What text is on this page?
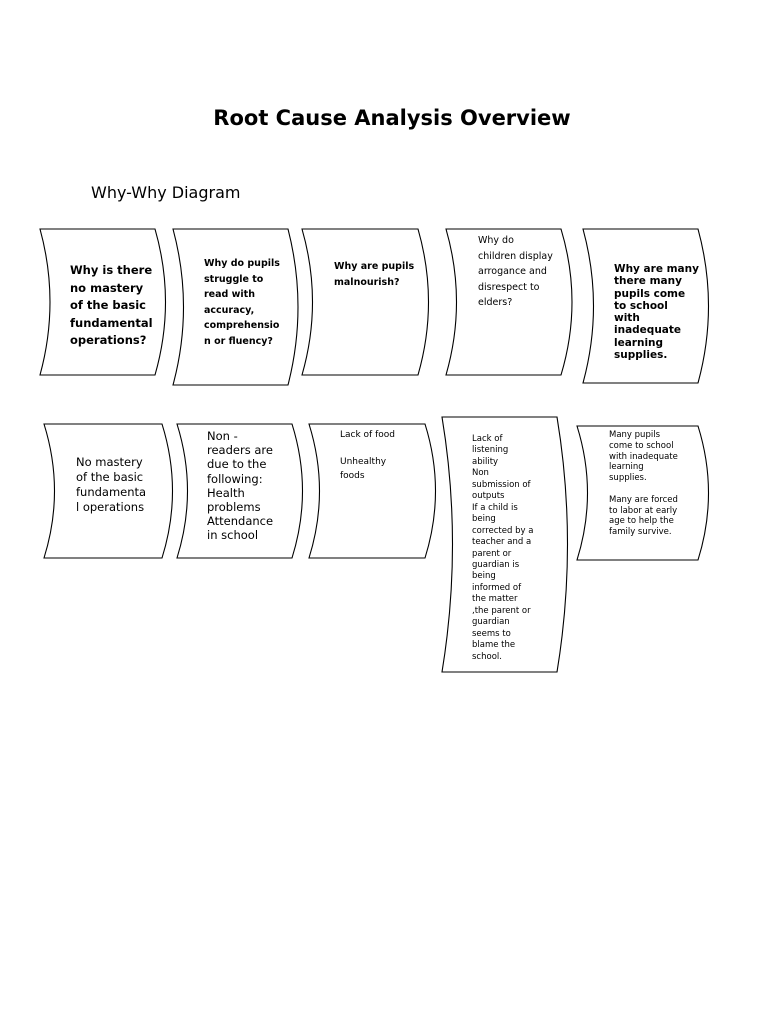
Root Cause Analysis Overview
Why-Why Diagram
Why is there
no mastery
of the basic
fundamental
operations?
Why do pupils
struggle to
read with
accuracy,
comprehensio
n or fluency?
Why are pupils
malnourish?
Why do
children display
arrogance and
disrespect to
elders?
Why are many
there many
pupils come
to school
with
inadequate
learning
supplies.
No mastery
of the basic
fundamenta
l operations
Non -
readers are
due to the
following:
Health
problems
Attendance
in school
Lack of food

Unhealthy
foods
Lack of
listening
ability
Non
submission of
outputs
If a child is
being
corrected by a
teacher and a
parent or
guardian is
being
informed of
the matter
,the parent or
guardian
seems to
blame the
school.
Many pupils
come to school
with inadequate
learning
supplies.

Many are forced
to labor at early
age to help the
family survive.
